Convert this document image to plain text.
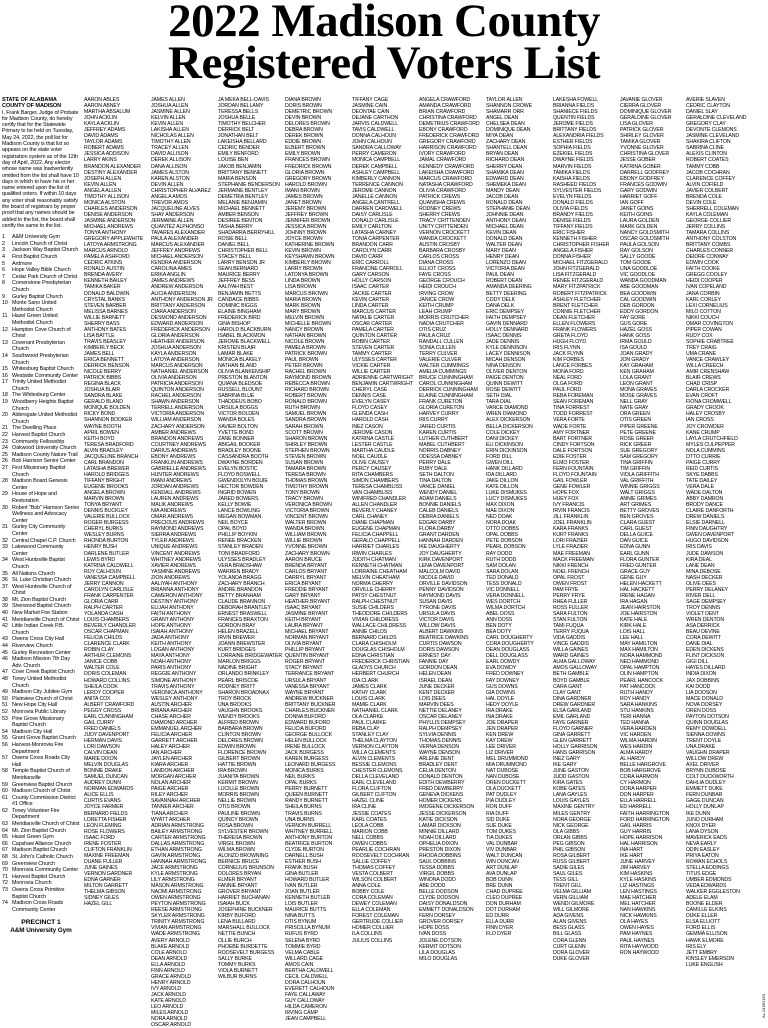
2022 Madison County
Registered Voters List
STATE OF ALABAMA
COUNTY OF MADISON
I, Frank Barger, Judge of Probate for Madison County, do hereby certify that for the Statewide Primary to be held on Tuesday, May 24, 2022, the poll list for Madison County is that list so appears on the state voter registration system as of the 12th day of April, 2022. Any elector whose name was inadvertently omitted from the list shall have 10 days in which to have his or her name entered upon the list of qualified voters. If within 10 days any voter shall reasonably satisfy the board of registrars by proper proof that any names should be added to the list, the board shall certify the same to the list.
1	A&M University Gym
2	Lincoln Church of Christ
3	Jackson Way Baptist Church
4	First Baptist Church
5	Ardmore
6	Hope Valley Bible Church
7	Cedar Park Church of Christ
8	Cornerstone Presbyterian Church
9	Gurley Baptist Church
10 Monte Sano United Methodist Church
11 Hazel Green United Methodist Church
12 Hampton Cove Church of Christ
13 Covenant Presbyterian Church
14 Southwood Presbyterian Church
15 Whitesburg Baptist Church
16 Westside Community Center
17 Trinity United Methodist Church
18 The Whitesburg Center
19 Woodberry Heights Baptist Church
20 Aldersgate United Methodist Church
21 The Dwelling Place
22 Harvest Baptist Church
23 Community Fellowship
24 Oakwood University Church
25 Madison County Nature Trail
26 Bob Harrison Senior Center
27 First Missionary Baptist Church
28 Madison Board Genesis Center
29 House of Hope and Restoration
30 Robert "Bob" Harrison Senior Wellness and Advocacy Center
31 Gurley City Community Center
32 Central Chapel C.P. Church
33 Lakewood Community Center
34 West Huntsville Baptist Church
35 All Nations Church
36 St. Luke Christian Church
37 West Huntsville Church of Christ
38 Mt. Zion Baptist Church
39 Sherwood Baptist Church
40 New Market Fire Station
41 Meridianville Church of Christ
42 Little Indian Creek P.B. Church
43 Owens Cross City Hall
44 Riverview Church
45 Gurley Recreation Center
46 Madison Mission 7th Day Adv. Church
47 Cove Creek Baptist Church
48 Toney United Methodist Church
49 Madison City Jubilee Gym
50 Plainview Church of Christ
51 New Hope City Hall
52 Monrovia Public Library
53 Pine Grove Missionary Baptist Church
54 Madison City Hall
55 Grant Grove Baptist Church
56 Harvest-Monrovia Fire Department
57 Owens Cross Roads City Hall
58 Temple Baptist Church of Meridianville
59 Greenview Baptist Church
60 Madison Church of Christ
61 County Commission District #1 Office
62 Toney Volunteer Fire Department
63 Meridianville Church of Christ
64 Mt. Zion Baptist Church
65 Hazel Green Gym
66 Capshaw Alliance Church
67 Madison Baptist Church
68 St. John's Catholic Church
69 Greenview Church
70 Monrovia Community Center
71 Harvest Baptist Church
72 Monrovia Church
73 Owens Cross Primitive Baptist Church
74 Madison Cross Roads Community Center
PRECINCT 1
A&M University Gym
AARON ABLES
AARON ABNEY
MARTHA ABSALUM
JOHN ACKLIN
KAYLA ACKLIN
JEFFREY ADAMS
DAVID ADAMS
TAYLOR ADAMS
ROBERT ADAMS
JESSICA ADDISON
LARRY AKINS
BRANDON ALEXANDER
DESTINY ALEXANDER
JOSEPH ALLEN
KEVIN ALLEN
ANGELA ALLEN
TIMOTHY ALLISON
MONICA ALSTON
CHARLES ANDERSON
DENISE ANDERSON
JASMINE ANDERSON
MICHAEL ANDREWS
TONYA ANTHONY
GREGORY APPLEWHITE
LATOYA ARMSTRONG
MARCUS ARNOLD
PAMELA ASHFORD
CEDRIC ATKINS
RONALD AUSTIN
BRENDA AVERY
KENNETH BAILEY
TAMIKA BAKER
DONALD BALDWIN
CRYSTAL BANKS
STEVEN BARBER
MELISSA BARNES
WILLIE BARNETT
SHERRY BASS
ANTHONY BATES
LISA BATTLE
TRAVIS BEASLEY
KIMBERLY BECK
JAMES BELL
ERICA BENNETT
DERRICK BENSON
NICOLE BERRY
PATRICK BIBBS
REGINA BLACK
JOSHUA BLAIR
SANDRA BLAKE
GERALD BLAND
MONIQUE BOLDEN
RICKY BOND
SHANNON BOOKER
WAYNE BOOTH
APRIL BOWEN
KEITH BOYD
TERESA BRADFORD
ALVIN BRADLEY
JACQUELINE BRANCH
CARL BRANDON
LATASHA BREWER
HAROLD BRIDGES
TIFFANY BRIGHT
EUGENE BROOKS
ANGELA BROWN
MARVIN BROWN
TONYA BRYANT
DENNIS BUCKLEY
VALERIE BULLOCK
ROGER BURGESS
CHERYL BURKS
WESLEY BURNS
RHONDA BURTON
HENRY BUSH
DARLENE BUTLER
LEWIS BYRD
KATRINA CALDWELL
ROY CALHOUN
VANESSA CAMPBELL
JERRY CANNON
CAROLYN CARLISLE
FRANK CARPENTER
GLORIA CARR
RALPH CARTER
YOLANDA CASH
LOUIS CHAMBERS
BEVERLY CHANDLER
OSCAR CHAPMAN
FELICIA CHILDS
CLARENCE CLARK
ROBIN CLAY
ARTHUR CLEMONS
JANICE COBB
WALTER COLE
DORIS COLEMAN
HOWARD COLLINS
SHEILA COOK
LEROY COOPER
ANITA COX
ALBERT CRAWFORD
PEGGY CROSS
EARL CUNNINGHAM
GAIL CURRY
FRED DANIELS
JUDY DAVENPORT
HERMAN DAVIS
LORI DAWSON
CALVIN DEAN
MARIE DIXON
MELVIN DOUGLAS
BONNIE DRAKE
SAMUEL DUNCAN
AUDREY DUNN
NORMAN EDWARDS
ALICE ELLIS
CURTIS EVANS
JOYCE FARMER
BERNARD FIELDS
LORETTA FISHER
LEON FLEMING
ROSE FLOWERS
ISAAC FORD
IRENE FOSTER
CLIFTON FRANKLIN
MAXINE FREEMAN
DUANE FULLER
JUNE GAINES
VERNON GARDNER
EDNA GARNER
MILTON GARRETT
THELMA GIBSON
SIDNEY GILES
HAZEL GILL
JAMES ALLEN
JOSHUA ALLEN
JASMINE ALLEN
KELVIN ALLEN
KEVIN ALLEN
LAKISHA ALLEN
NICHOLAS ALLEN
TIMOTHY ALLEN
TRACEY ALLEN
DAVID ALLISON
DEREK ALLISON
DANA ALLISON
JAMES ALSTON
KAREN ALSTON
DEVIN ALLEN
CHRISTOPHER ALVAREZ
ANGELA AMOS
TREVOR AMOS
JACQUELINE ALVES
SHAY ANDERSON
JERMAINE ALLEN
QUANTEZ ALPHONSO
TAVARES ALEXANDER
PAULA ALEXANDER
MARCUS ALEXANDER
JEFFREY ANDREWS
MICHAEL ANDERSON
KENDRA ANDERSON
CAROLINA AMES
ERIKA ANGLIN
JAMES ANDREWS
ANDREW ANDERSON
ALICIA ANDERSON
ANTHONY ANDERSON JR
BRITTANY ANDERSON
CIARA ANDERSON
DESMOND ANDERSON
EDWARD ANDERSON
FREDERICK ANDERSON
GLORIA ANDERSON
HEATHER ANDERSON
JOSHUA ANDERSON
KAYLA ANDERSON
LATOYA ANDERSON
MARCUS ANDERSON
NATHANIEL ANDERSON
OLIVIA ANDERSON
PATRICIA ANDERSON
QUINTON ANDERSON
RACHEL ANDERSON
SHAWN ANDERSON
TERRELL ANDERSON
VICTORIA ANDERSON
WILLIAM ANDERSON
ZACHARY ANDERSON
AMBER ANDREWS
BRANDON ANDREWS
COURTNEY ANDREWS
DARIUS ANDREWS
EBONY ANDREWS
FRANKLIN ANDREWS
GABRIELLE ANDREWS
HUNTER ANDREWS
IMANI ANDREWS
JORDAN ANDREWS
KENDALL ANDREWS
LAUREN ANDREWS
MALIK ANDREWS
NIA ANDREWS
OMAR ANDREWS
PRECIOUS ANDREWS
RAYMOND ANDREWS
SIERRA ANDREWS
TYLER ANDREWS
UNIQUE ANDREWS
VINCENT ANDREWS
WHITNEY ANDREWS
XAVIER ANDREWS
YASMINE ANDREWS
ZION ANDREWS
AALIYAH ANTHONY
BRIANNA ANTHONY
CAMERON ANTHONY
DESTINY ANTHONY
ELIJAH ANTHONY
FAITH ANTHONY
GRANT ANTHONY
HOPE ANTHONY
ISAIAH ANTHONY
JADA ANTHONY
KEITH ANTHONY
LOGAN ANTHONY
MAYA ANTHONY
NOAH ANTHONY
PARIS ANTHONY
REGGIE ANTHONY
SIMONE ANTHONY
TRAVIS ANTHONY
VERONICA ANTHONY
WESLEY ANTHONY
AUSTIN ARCHER
BRIANA ARCHER
CHASE ARCHER
DIAMOND ARCHER
EMMANUEL ARCHER
FELICIA ARCHER
GARRETT ARCHER
HALEY ARCHER
IAN ARCHER
JAYLEN ARCHER
KIARA ARCHER
LANDON ARCHER
MORGAN ARCHER
NOLAN ARCHER
PAIGE ARCHER
RILEY ARCHER
SAVANNAH ARCHER
TANNER ARCHER
TIANA ARCHER
WYATT ARCHER
ADRIAN ARMSTRONG
BAILEY ARMSTRONG
CARTER ARMSTRONG
DALLAS ARMSTRONG
ETHAN ARMSTRONG
GAVIN ARMSTRONG
HANNAH ARMSTRONG
JACE ARMSTRONG
KYLE ARMSTRONG
LILY ARMSTRONG
MASON ARMSTRONG
NAOMI ARMSTRONG
OWEN ARMSTRONG
PEYTON ARMSTRONG
REESE ARMSTRONG
SKYLER ARMSTRONG
TRINITY ARMSTRONG
VIVIAN ARMSTRONG
WADE ARMSTRONG
AVERY ARNOLD
BLAKE ARNOLD
COLE ARNOLD
DEAN ARNOLD
ELLA ARNOLD
FINN ARNOLD
GRACE ARNOLD
HENRY ARNOLD
IVY ARNOLD
JACK ARNOLD
KATE ARNOLD
LEO ARNOLD
MILES ARNOLD
NORA ARNOLD
OSCAR ARNOLD
JA MEKA BELL-DAVIS
JORDAN BELLAMY
TERESSA BELLS
JOSHUA BELLE
TIMOTHY BELCHER
DERRICK BELT
JONATHAN BELT
LAKEISHA BELLARD
CEDRIC BENDER
EMILY BENFORD
LOUISE BEN
JAKOB BENJAMIN
BRITTANY BENNETT
MARIA BENSON
STEPHANIE BENDERSON
JERMAINE BENTLEY
DEMETRIA BENTLEY
MELANIE BENJAMIN
MICHAEL BENNETT
AMBER BENSON
DESIREE BENTON
TASHA BERRY
SHADARRA BERRYHILL
ROSIE BELL
DANIEL BELL
CHRISTOPHER BELL
STACEY BELL
LARRY BENSON JR
SEAN BERNARD
MAURICE BERRY
JEFFREY BESS
AALIYAH BEST
BENJAMIN BETTS
CANDACE BIBBS
DOMINIC BIGGS
ELAINE BINGHAM
FREDERICK BIRD
GINA BISHOP
HAROLD BLACKBURN
ISABEL BLACKMON
JEROME BLACKWELL
KRISTEN BLAIR
LAMAR BLAKE
MONICA BLAKELY
NATHAN BLAND
OLIVIA BLANKENSHIP
PRESTON BLANTON
QUIANA BLEDSOE
RUSSELL BLOUNT
SABRINA BLUE
THADDEUS BOBO
URSULA BOGGS
VICTOR BOLDEN
WANDA BOLES
XAVIER BOLTON
YVETTE BOND
ZANE BONNER
ABIGAIL BOOKER
BRADLEY BOONE
CASSANDRA BOOTH
DWAYNE BORDEN
EVELYN BOSTIC
FLOYD BOSWELL
GWENDOLYN BOUIE
HECTOR BOWDEN
INGRID BOWEN
JARED BOWERS
KELLY BOWIE
LANCE BOWLING
MEGAN BOWMAN
NEIL BOYCE
OPAL BOYD
PHILLIP BOYKIN
RENEE BRACKEN
STANLEY BRADEN
TONI BRADFORD
ULYSSES BRADLEY
VERA BRADSHAW
WARREN BRADY
YOLANDA BRAGG
ZACHARY BRANCH
ANDRE BRANDON
BETTY BRANHAM
CLAUDE BRANNON
DEBORAH BRANTLEY
ERNEST BRASWELL
FRANCES BRAXTON
GORDON BRAY
HELEN BRAZELL
IRVIN BREWER
JOANN BREWSTER
KURT BRIDGES
LORRAINE BRIDGEWATER
MARLON BRIGGS
NADINE BRIGHT
ORLANDO BRINKLEY
PEARL BRISCOE
RODNEY BRITT
SHARON BROADNAX
TROY BROCK
UNA BROOKS
VAUGHN BROOKS
WENDY BROOKS
ALFRED BROWN
BARBARA BROWN
CLINTON BROWN
DELORES BROWN
EDWIN BROWN
FLORENCE BROWN
GILBERT BROWN
HATTIE BROWN
IRA BROWN
JUANITA BROWN
KERMIT BROWN
LUCILLE BROWN
MORRIS BROWN
NELLIE BROWN
OTIS BROWN
PAULINE BROWN
QUINCY BROWN
ROSA BROWN
SYLVESTER BROWN
THERESA BROWN
VIRGIL BROWN
WILMA BROWN
ALONZO BROWNING
BERNICE BRUCE
CORNELIUS BRUNSON
DOLORES BRYAN
ELMER BRYANT
FANNIE BRYANT
GROVER BRYANT
HARRIET BUCHANAN
ISAIAH BUCK
JOSEPHINE BUCKNER
KIRBY BUFORD
LENA BULLARD
MARSHALL BULLOCK
NETTIE BUNCH
OLLIE BURCH
PHOEBE BURDETTE
ROOSEVELT BURGESS
SALLY BURKE
TOMMY BURKS
VIOLA BURNETT
WILBUR BURNS
DIANA BROWN
DORIS BROWN
DEMETRIC BROWN
DEVIN BROWN
DELORES BROWN
DEBRA BROWN
DEREK BROWN
EDDIE BROWN
ELBERT BROWN
EMILY BROWN
FRANCES BROWN
FREDRICK BROWN
GLORIA BROWN
GREGORY BROWN
HAROLD BROWN
IMANI BROWN
JAMES BROWN
JANET BROWN
JEREMY BROWN
JEFFREY BROWN
JENNIFER BROWN
JESSICA BROWN
JOHNNY BROWN
JOYCE BROWN
KATHERINE BROWN
KEVIN BROWN
KEYSHAWN BROWN
KIMBERLY BROWN
LARRY BROWN
LATONYA BROWN
LINDA BROWN
LISA BROWN
MARCUS BROWN
MARIA BROWN
MARK BROWN
MARY BROWN
MELVIN BROWN
MICHELLE BROWN
NANCY BROWN
NATHAN BROWN
NICOLE BROWN
PAMELA BROWN
PATRICK BROWN
PAUL BROWN
PETER BROWN
RACHEL BROWN
RAYMOND BROWN
REBECCA BROWN
RICHARD BROWN
ROBERT BROWN
RONALD BROWN
RUTH BROWN
SAMUEL BROWN
SANDRA BROWN
SARAH BROWN
SCOTT BROWN
SHARON BROWN
SHIRLEY BROWN
STEPHEN BROWN
STEVEN BROWN
SUSAN BROWN
TAMARA BROWN
TERESA BROWN
THOMAS BROWN
TIMOTHY BROWN
TONY BROWN
TRACY BROWN
VERONICA BROWN
VICTORIA BROWN
VINCENT BROWN
WALTER BROWN
WANDA BROWN
WILLIAM BROWN
WILLIE BROWN
YVONNE BROWN
ZACHARY BROWN
AARON BRUCE
BRENDA BRYANT
CARLOS BRYANT
DARRYL BRYANT
ERICA BRYANT
FREDDIE BRYANT
GARY BRYANT
HEATHER BRYANT
ISAAC BRYANT
JASMINE BRYANT
KEITH BRYANT
LAURA BRYANT
MICHAEL BRYANT
NORMAN BRYANT
OLIVIA BRYANT
PHILLIP BRYANT
QUENTIN BRYANT
ROGER BRYANT
STACY BRYANT
TERRANCE BRYANT
URSULA BRYANT
VANESSA BRYANT
WAYNE BRYANT
ANDREW BUCKNER
BRITTANY BUCKNER
CHARLES BUCKNER
DONNA BUFORD
EDWARD BUFORD
FELICIA BUFORD
GEORGE BULLOCK
HELEN BULLOCK
IRENE BULLOCK
JACK BURGESS
KAREN BURGESS
LEONARD BURGESS
MONICA BURKS
NEIL BURKS
OPAL BURKS
PERRY BURNETT
QUEEN BURNETT
RANDY BURNETT
SHEILA BURNS
TRAVIS BURNS
UNA BURNS
VERNON BURRELL
WHITNEY BURRELL
ANTHONY BURTON
BEATRICE BURTON
CLYDE BURTON
DARNELL BUSH
ESTHER BUSH
FRANK BUSH
GINA BUTLER
HOWARD BUTLER
IVAN BUTLER
JOAN BUTLER
KENNETH BUTLER
LOIS BUTLER
MAURICE BUTTS
NINA BUTTS
OTIS BYNUM
PRISCILLA BYNUM
RUFUS BYRD
SELENA BYRD
TOMMIE BYRD
VELMA CABLE
WILLARD CAGE
AMOS CAIN
BERTHA CALDWELL
CECIL CALDWELL
DORA CALHOUN
EVERETT CALHOUN
FAYE CALLAWAY
GUY CALLOWAY
HILDA CAMERON
IRVING CAMP
JEAN CAMPBELL
TIFFANY CAGE
JASMINE CAIN
DEONTAE CAIN
DEJANE CARTHON
JARVIS CALDWELL
TAVIS CALDWELL
DONNA CALHOUN
JOHN CALHOUN
SANDRA CALLOWAY
PERRY CAMERON
MONICA CAMPBELL
DEREK CAMPBELL
ASHLEY CAMPBELL
KIMBERLY CANNON
TERRENCE CANNON
JEROME CANNON
JANELLE CANNON
ANGELA CANTRELL
DARREN CARDWELL
DAISY CARLISLE
DONALD CARLISLE
EMILY CARLTON
LATASHA CARNEY
TONIA CARPENTER
BRANDON CARR
CAROLYN CARR
DAVID CARR
ERIC CARROLL
FRANCINE CARROLL
GARY CARSON
HOLLY CARSON
ISAAC CARTER
JACKIE CARTER
KEVIN CARTER
LINDA CARTER
MARCUS CARTER
NATALIE CARTER
OSCAR CARTER
PAMELA CARTER
QUINTON CARTER
ROBIN CARTER
STEVEN CARTER
TAMMY CARTER
ULYSSES CARTER
VICKIE CARTER
WILLIE CARTER
ADRIENNE CARTWRIGHT
BENJAMIN CARTWRIGHT
CHERYL CASE
DENNIS CASE
EVELYN CASEY
FLOYD CASEY
GLENDA CASH
HAROLD CASH
INEZ CASON
JEROME CASON
KATRINA CASTLE
LESTER CASTLE
MARTHA CAUDLE
NOEL CAUDLE
OLIVE CAUSEY
PERCY CAUSEY
RITA CHAMBERS
SIMON CHAMBERS
TERESA CHAMBLISS
VAN CHAMBLISS
WINIFRED CHANDLER
ALLEN CHANDLER
BEVERLY CHANEY
CARL CHANEY
DIANE CHAPMAN
EUGENE CHAPMAN
FELICIA CHAPPELL
GERALD CHAPPELL
HARRIET CHARLES
IRWIN CHARLES
JUDITH CHATMAN
KENNETH CHATMAN
LORRAINE CHEATHAM
MELVIN CHEATHAM
NORMA CHERRY
ORVILLE CHERRY
PATSY CHESTNUT
RALPH CHESTNUT
SUSIE CHILDERS
THEODORE CHILDERS
VIVIAN CHILDRESS
WALLACE CHILDRESS
ANNIE CHILDS
BERNARD CHILDS
CLARA CHISHOLM
DOUGLAS CHISHOLM
EDNA CHRISTIAN
FREDERICK CHRISTIAN
GLADYS CHURCH
HERBERT CHURCH
IDA CLARK
JAMES CLARK
KATHY CLARK
LOUIS CLARK
MAMIE CLARK
NATHANIEL CLARK
OLA CLARKE
PAUL CLARKE
REBA CLAY
STANLEY CLAY
THELMA CLAYTON
VERNON CLAYTON
WILLA CLEMENTS
ALVIN CLEMENTS
BESSIE CLEMONS
CHESTER CLEMONS
DELLA CLEVELAND
EARL CLEVELAND
FLORA CLIFTON
GILBERT CLIFTON
HAZEL CLINE
IRA CLINE
JESSIE COATES
KARL COATES
LEOLA COBB
MARION COBB
NELL COBBS
OWEN COBBS
PEARLIE COCHRAN
ROOSEVELT COCHRAN
SALLIE COFFEY
THOMAS COFFEY
VESTA COLBERT
WILSON COLBERT
ANNA COLE
BOBBY COLE
CORA COLEMAN
DEWEY COLEMAN
ELLA COLEMAN
FOREST COLEMAN
GERTRUDE COLLIER
HOMER COLLIER
ILA COLLINS
JULIUS COLLINS
ANGELA CRAWFORD
AMANDA CRAWFORD
BRIAN CRAWFORD
CHRISTINA CRAWFORD
DEMETRIUS CRAWFORD
EBONY CRAWFORD
FREDERICK CRAWFORD
GREGORY CRAWFORD
HARRISON CRAWFORD
IVORY CRAWFORD
JAMAL CRAWFORD
KENNEDY CRAWFORD
LAKEISHA CRAWFORD
MARCUS CRAWFORD
NATASHA CRAWFORD
OLIVIA CRAWFORD
PATRICK CREWS
QUANISHA CREWS
RODNEY CREWS
SHERRY CREWS
TRACY CRITTENDEN
UNITY CRITTENDEN
VERNON CROCKETT
WANDA CROCKETT
AUSTIN CROSBY
BARBARA CROSBY
CARLOS CROSS
DIANA CROSS
ELLIOT CROSS
FAYE CROSS
GEORGE CROUCH
HEIDI CROUCH
IRVING CROW
JANICE CROW
KEITH CRUMP
LEAH CRUMP
MORRIS CRUTCHER
NADIA CRUTCHER
OTIS CRUZ
PAULA CRUZ
RANDALL CULLEN
SONIA CULLEN
TERRY CULVER
VALERIE CULVER
WALTER CUMMINGS
AMELIA CUMMINGS
BRUCE CUNNINGHAM
CAROL CUNNINGHAM
DERRICK CUNNINGHAM
ELAINE CUNNINGHAM
FRANK CURETON
GLORIA CURETON
HARVEY CURRY
IRIS CURRY
JARED CURTIS
KAREN CURTIS
LUTHER CUTHBERT
MABEL CUTHBERT
NORRIS DABNEY
ODESSA DABNEY
PERRY DALE
RUBY DALE
SETH DALTON
TINA DALTON
VANCE DANIEL
WENDY DANIEL
ADAM DANIELS
BONNIE DANIELS
CALEB DANIELS
DEBRA DANIELS
EDGAR DARBY
FLORA DARBY
GRANT DARDEN
HANNAH DARDEN
IKE DAUGHERTY
JOY DAUGHERTY
KIRK DAVENPORT
LENA DAVENPORT
MALCOLM DAVID
NICOLE DAVID
ORVILLE DAVIDSON
PENNY DAVIDSON
RAYMOND DAVIS
SUSAN DAVIS
TYRONE DAVIS
URSULA DAVIS
VICTOR DAVIS
WILLOW DAVIS
ALBERT DAWKINS
BEATRICE DAWKINS
CURTIS DAWSON
DORIS DAWSON
ERNEST DAY
FANNIE DAY
GORDON DEAN
HELEN DEAN
ISRAEL DEAN
JUNE DECKER
KENT DECKER
LOIS DEES
MARVIN DEES
NETTIE DELANEY
OSCAR DELANEY
PHYLLIS DEMPSEY
RALPH DEMPSEY
SYLVIA DENNIS
THOMAS DENNIS
VERNA DENSON
WAYNE DENSON
ARLENE DENT
BRADLEY DENT
CELIA DENTON
DONALD DENTON
EDITH DEWBERRY
FRED DEWBERRY
GENEVA DICKENS
HOMER DICKENS
IMOGENE DICKERSON
JESSE DICKERSON
KATIE DICKSON
LAMAR DICKSON
MINNIE DILLARD
NOAH DILLARD
OPHELIA DIXON
PRESTON DIXON
RHODA DOBBINS
SAUL DOBBINS
TESSA DOBBS
VIRGIL DOBBS
WINONA DODD
ABE DODD
BELLE DODSON
CLYDE DODSON
DAISY DONALDSON
EMMETT DONALDSON
FERN DORSEY
GROVER DORSEY
HOPE DOSS
IVAN DOSS
JOLENE DOTSON
KERMIT DOTSON
LILA DOUGLAS
MILO DOUGLAS
TAYLOR ALLEN
SHANNON CROWE
SHAMARR ORR
ANGEL DEAN
CHELSEA DEAN
DOMINIQUE DEAN
MIYA DEAN
ZACHARY DEAN
SHANTELL DEAN
BRYAN DEAN
RICHARD DEAN
SHERRY DEAN
SHAMIKA DEAN
EDWARD DEAN
SHEMEKA DEAN
MANDY DEAN
JACOB DEAN
RONALD DEAN
STEPHANIE DEAN
JOHNNIE DEAN
ANTHONY DEAN
MICHAEL DEAN
KEVIN DEAN
DONALD DEAN
WALTER DEAN
MARY DEAN
HENRY DEAN
LORENZO DEAN
VICTORIA DEAN
PAUL DEAN
ROBERT DEAN
AMANDA DEERING
BETTY DEERING
CODY DELK
DANA DELK
ERIC DEMPSEY
FAITH DEMPSEY
GAVIN DENNARD
HOLLY DENNARD
ISAAC DENNIS
JADE DENNIS
KYLE DENNISON
LACEY DENNISON
MICAH DENSON
NINA DENSON
OLIVER DENTON
PAIGE DENTON
QUINN DEWITT
ROSE DEWITT
SETH DIAL
TARA DIAL
VANCE DIAMOND
WREN DIAMOND
ALEX DICKERSON
BELLA DICKERSON
COLE DICKEY
DANI DICKEY
ELI DICKINSON
ERIN DICKINSON
FORD DILL
GWEN DILL
HANK DILLARD
IDA DILLARD
JAKE DILLON
KATE DILLON
LUKE DISMUKES
LUCY DISMUKES
MAX DIXON
MAE DIXON
NED DOAK
NORA DOAK
OTTO DOBBS
OPAL DOBBS
PETE DOBSON
PEARL DOBSON
RAY DODD
RUTH DODD
SAM DOLAN
SARA DOLAN
TED DONALD
TESS DONALD
VIC DONNELL
VERA DONNELL
WES DORTCH
WILMA DORTCH
ABEL DOSS
ANN DOSS
BEN DOTY
BEA DOTY
CARL DOUGHERTY
CORA DOUGHERTY
DEAN DOUGLASS
DELL DOUGLASS
EARL DOWDY
EVA DOWDY
FRED DOWNEY
FAY DOWNEY
GUS DOWNS
GIA DOWNS
HAL DOYLE
HEDY DOYLE
IRA DRAKE
INA DRAKE
JOE DRAPER
JEN DRAPER
KEN DREW
KAY DREW
LEE DRIVER
LIZ DRIVER
MEL DRUMMOND
MIA DRUMMOND
NAT DUBOSE
NAN DUBOSE
OREN DUCKETT
OLA DUCKETT
PAT DUDLEY
PIA DUDLEY
RON DUFF
RIA DUFF
SID DUKE
SUE DUKE
TOM DUKES
TIA DUKES
VAL DUNBAR
VIV DUNBAR
WALT DUNCAN
WIN DUNCAN
ART DUNLAP
AVA DUNLAP
BOB DUNN
BRE DUNN
CHAD DUPREE
CLEO DUPREE
DON DURHAM
DOT DURHAM
ED DURR
ELLA DURR
FINN DYER
FLO DYER
LAKESHA FOWELL
BRIANNA FIELDS
SHANIECE FIELDS
QUENTIN FIELDS
JEROME FIELDS
BRITTANY FIELDS
ALEXANDRIA FIELDS
ESTHER FIELDS
SOPHIA FIELDS
EZEKIEL FIELDS
DWAYNE FIELDS
MARVIN FIELDS
TAMIKA FIELDS
KAISHA FIELDS
RASHEED FIELDS
SYLVESTER FIELDS
EVELYN FIELDS
DONALD FIELDS
OLIVIA FIELDS
BRANDY FIELDS
DENISE FIELDS
TIFFANY FIELDS
ERIC FISHER
KENNETH FISHER
CHRISTOPHER FISHER
ANGELA FISHER
DONNA FISHER
MICHAEL FITZGERALD
JOHN FITZGERALD
LISA FITZGERALD
RENEE FITZGERALD
MARY FITZPATRICK
ROBERT FITZPATRICK
ASHLEY FLETCHER
BRENT FLETCHER
CONNIE FLETCHER
DEAN FLETCHER
ELLEN FLOWERS
FRANK FLOWERS
GRETA FLOYD
HUGH FLOYD
IRIS FLYNN
JACK FLYNN
KIM FORBES
LANCE FORBES
MONA FORD
NEAL FORD
OLGA FORD
PAUL FORD
REBA FOREMAN
SEAN FOREMAN
TINA FORREST
TODD FORREST
VERA FORTE
WADE FORTE
AMY FORTNER
BART FORTNER
CINDY FORTSON
DALE FORTSON
EDIE FOSTER
ELMO FOSTER
FERN FOUNTAIN
FLOYD FOUNTAIN
GAIL FOWLER
GENE FOWLER
HOPE FOX
HUEY FOX
IVY FRANCIS
IRVIN FRANCIS
JILL FRANKLIN
JOEL FRANKLIN
KARA FRANKS
KURT FRANKS
LORI FRAZIER
LYLE FRAZIER
MAE FREEMAN
MACK FREEMAN
NIKKI FRENCH
NOEL FRENCH
OPAL FROST
OWEN FROST
PAM FRYE
PERRY FRYE
RHEA FULLER
ROSS FULLER
SARA FULTON
STAN FULTON
TAMI FUQUA
TERRY FUQUA
VIDA GADDIS
VINCE GADDIS
WILLA GAINES
WARD GAINES
ALMA GALLOWAY
AMOS GALLOWAY
BETH GAMBLE
BOYD GAMBLE
CARA GANT
CLAY GANT
DINA GARDNER
DREW GARDNER
ELSA GARLAND
EMIL GARLAND
FAYE GARNER
FLOYD GARNER
GINA GARRETT
GLEN GARRETT
HOLLY GARRISON
HANS GARRISON
INEZ GARY
IKE GARY
JUNE GASTON
JUDD GASTON
KIRA GATES
KOBE GATES
LANA GAYLES
LOUIS GAYLES
MAXINE GENTRY
MILES GENTRY
NORA GEORGE
NICK GEORGE
OLA GIBBS
ORLAN GIBBS
PEG GIBSON
PHIL GIBSON
ROSA GILBERT
RUSS GILBERT
SADIE GILES
SAUL GILES
TESS GILL
TRENT GILL
VELMA GILLIAM
VERN GILLIAM
WENDI GILMORE
WILL GILMORE
ADA GIVENS
ALAN GIVENS
BESS GLASS
BILL GLASS
CORA GLENN
CURT GLENN
DORA GLOVER
DUKE GLOVER
JAVANIE GLOVER
CIERRA GLOVER
DOMINIQUE GLOVER
GERALDINE GLOVER
LISA GLOVER
PATRICK GLOVER
SHIRLEY GLOVER
TAMIKA GLOVER
YVONNE GLOVER
CHRISTINA GLOVER
JESSE GOBER
KATRINA GOBER
DARRELL GODFREY
EBONY GODFREY
FRANCES GODWIN
GARY GODWIN
HARRIET GOFF
IAN GOFF
JANET GOINS
KEITH GOINS
LAURA GOLDEN
MARK GOLDEN
NANCY GOLDSMITH
OSCAR GOLDSMITH
PAULA GOLSON
RAY GOLSON
SALLY GOODE
TOM GOODE
UNA GOODLOE
VIC GOODLOE
WANDA GOODMAN
ABE GOODMAN
BEA GOODWIN
CAL GOODWIN
DEB GORDON
EDDY GORDON
FAY GORE
GUS GORE
HAZEL GOSS
HANK GOSS
IRMA GOULD
ISA GOULD
JOAN GRADY
JON GRADY
KAY GRAHAM
KEN GRAHAM
LOLA GRANT
LEON GRANT
MONA GRAVES
MOSE GRAVES
NELL GRAY
NATE GRAY
ORA GREEN
OTIS GREEN
PIPER GREENE
PETE GREENE
ROSE GREER
RICK GREER
SUE GREGORY
SAM GREGORY
TINA GRIFFIN
TIM GRIFFIN
VIOLA GRIFFITH
VAL GRIFFITH
WINNIE GRIGGS
WALT GRIGGS
ANNIE GRIMES
ART GRIMES
BETTY GROVES
BEN GROVES
CLARA GUEST
CARL GUEST
DELLA GUICE
DAN GUICE
EDNA GUNN
EARL GUNN
FLORA GUNTER
FRED GUNTER
GRACE GUY
GENE GUY
HELEN HACKETT
HAL HACKETT
IRENE HAGAN
IRA HAGAN
JEAN HAIRSTON
JOE HAIRSTON
KATE HALE
KIRK HALE
LOIS HALL
LEE HALL
MAY HAMILTON
MAX HAMILTON
NORA HAMMOND
NED HAMMOND
OPAL HAMPTON
OLIN HAMPTON
PEARL HANCOCK
PAT HANCOCK
RUTH HANDY
ROY HANDY
SARA HANKINS
STU HANKINS
TERI HANNA
TED HANNA
VERA HARDEN
VIC HARDEN
WILMA HARDIN
WES HARDIN
ALMA HARDY
AL HARDY
BELLE HARGROVE
BOB HARGROVE
CORA HARMON
CY HARMON
DORA HARPER
DON HARPER
ELLA HARRELL
ED HARRELL
FAITH HARRINGTON
FORD HARRINGTON
GAIL HARRIS
GUY HARRIS
HOPE HARRISON
HAL HARRISON
INA HART
IKE HART
JUNE HARVEY
JIM HARVEY
KIM HASKINS
KYLE HASKINS
LIZ HASTINGS
LEN HASTINGS
MAE HATCHER
MEL HATCHER
NAN HAWKINS
NICK HAWKINS
OLA HAYES
OWEN HAYES
PAM HAYNES
PAUL HAYNES
RITA HAYWOOD
RON HAYWOOD
AVERIE SLAVEN
CEDRIC CLAYTON
DANIEL SLAY
GERALDINE CLEVELAND
GREGORY CLAY
DEVONTE CLEMONS
JASMINE CLEVELAND
SHAKIRA CLIFTON
SABRINA CLINE
ALEXIS CLINTON
ROBERT COATES
TAMMY COBB
JACOB COCHRAN
CLARENCE COFFEY
ALVIN COFIELD
JAVIER COLBERT
BRENDA COLE
DEVIN COLE
SHERRELL COLEMAN
KAYLA COLEMAN
GEORGE COLLIER
JERRY COLLINS
TAMARA COLLINS
ANTHONY COLSTON
BRITTANY COMBS
CHARLES CONNER
DEIDRE CONWAY
EDWIN COOK
FAITH COOKE
GREGG COOLEY
HEIDI COOPER
IVAN COPELAND
JANA CORBIN
KARL CORLEY
LEXI CORNELIUS
MILO COTTON
NIKKI COUCH
OMAR COVINGTON
PIPER COWAN
RUDY COX
SOPHIE CRABTREE
TREY CRAIG
UMA CRANE
VANCE CRAWLEY
WILLA CREECH
AMIR CRENSHAW
BLAIR CREWS
CHAD CRISP
DARLA CROCKER
EVAN CROFT
FIONA CROMWELL
GRADY CROOK
HALEY CROSBY
IAN CROSS
JOY CROWDER
KANE CRUMP
LAYLA CRUTCHFIELD
MYLES CULPEPPER
NOLA CUMMINS
OTTO CURRIE
PAIGE CURRY
REID CURTIS
SKYE DABBS
TATE DAILEY
VERA DALE
WADE DALTON
ABBY DAMRON
BRODY DANCE
CLAIRE DANFORTH
DREW DANIELS
ELSIE DARNELL
FINN DAUGHTRY
GWEN DAVENPORT
HUGO DAVIDSON
IRIS DAVIS
JUDE DAWSON
KIRA DEAL
LANE DEAN
MINA DEBOSE
NASH DECKER
OLIVE DEES
PERRY DELANEY
RIVER DELL
SAGE DEMPSEY
TROY DENNIS
VIOLET DENT
WREN DENTON
ASA DERRICK
BEAU DEVINE
CORA DEWITT
DANE DIAL
EDEN DICKENS
FLINT DICKSON
GIGI DILL
HAYES DILLARD
INDIA DIXON
JAX DOBBINS
KAI DODD
LIA DODSON
MACE DONALD
NOVA DORSEY
OREN DOSS
PAYTON DOTSON
QUINN DOUGLAS
REMY DOWDELL
SIENNA DOWNS
TRENT DOYLE
UNA DRAKE
VAUGHN DRAPER
WILLOW DREW
AXEL DRIVER
BRYNN DUBOSE
COLT DUCKWORTH
DAHLIA DUDLEY
EMMETT DUKE
FERN DUNBAR
GAGE DUNCAN
HOLLY DUNLAP
IKE DUNN
JUNO DURHAM
KNOX DYER
LANA DYSON
MAVERICK EADS
NEVA EARLY
ODIN EASLEY
PRIYA EATON
ROWAN ECHOLS
STELLA EDDINGS
TITUS EDGE
UMBER EDMONDS
VEDA EDWARDS
WALKER EGGLESTON
ADELE ELAM
BOONE ELDER
CAMILLE ELKINS
DUKE ELLER
ELSA ELLIOTT
FORD ELLIS
GEMMA ELLISON
HAWK ELMORE
IRIS ELY
JETT EMBRY
KINSLEY EMERSON
LUKE ENGLISH
AL-01962163
